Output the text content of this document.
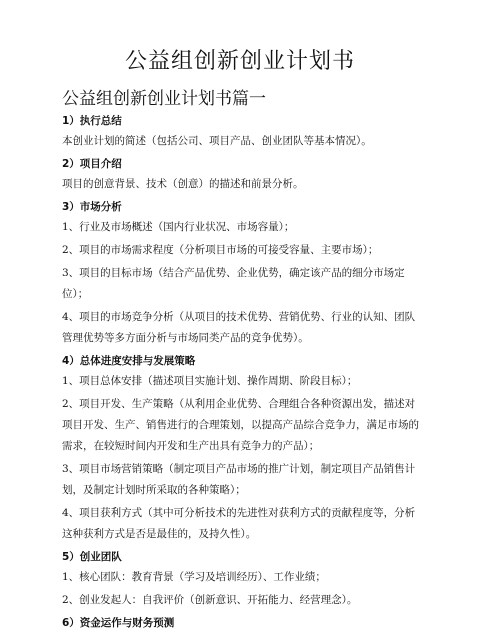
公益组创新创业计划书
公益组创新创业计划书篇一
1）执行总结

本创业计划的简述（包括公司、项目产品、创业团队等基本情况）。

2）项目介绍

项目的创意背景、技术（创意）的描述和前景分析。

3）市场分析

1、行业及市场概述（国内行业状况、市场容量）；

2、项目的市场需求程度（分析项目市场的可接受容量、主要市场）；

3、项目的目标市场（结合产品优势、企业优势，确定该产品的细分市场定位）；

4、项目的市场竞争分析（从项目的技术优势、营销优势、行业的认知、团队管理优势等多方面分析与市场同类产品的竞争优势）。

4）总体进度安排与发展策略

1、项目总体安排（描述项目实施计划、操作周期、阶段目标）；

2、项目开发、生产策略（从利用企业优势、合理组合各种资源出发，描述对项目开发、生产、销售进行的合理策划，以提高产品综合竞争力，满足市场的需求，在较短时间内开发和生产出具有竞争力的产品）；

3、项目市场营销策略（制定项目产品市场的推广计划，制定项目产品销售计划，及制定计划时所采取的各种策略）；

4、项目获利方式（其中可分析技术的先进性对获利方式的贡献程度等，分析这种获利方式是否是最佳的，及持久性）。

5）创业团队

1、核心团队：教育背景（学习及培训经历）、工作业绩；

2、创业发起人：自我评价（创新意识、开拓能力、经营理念）。

6）资金运作与财务预测
